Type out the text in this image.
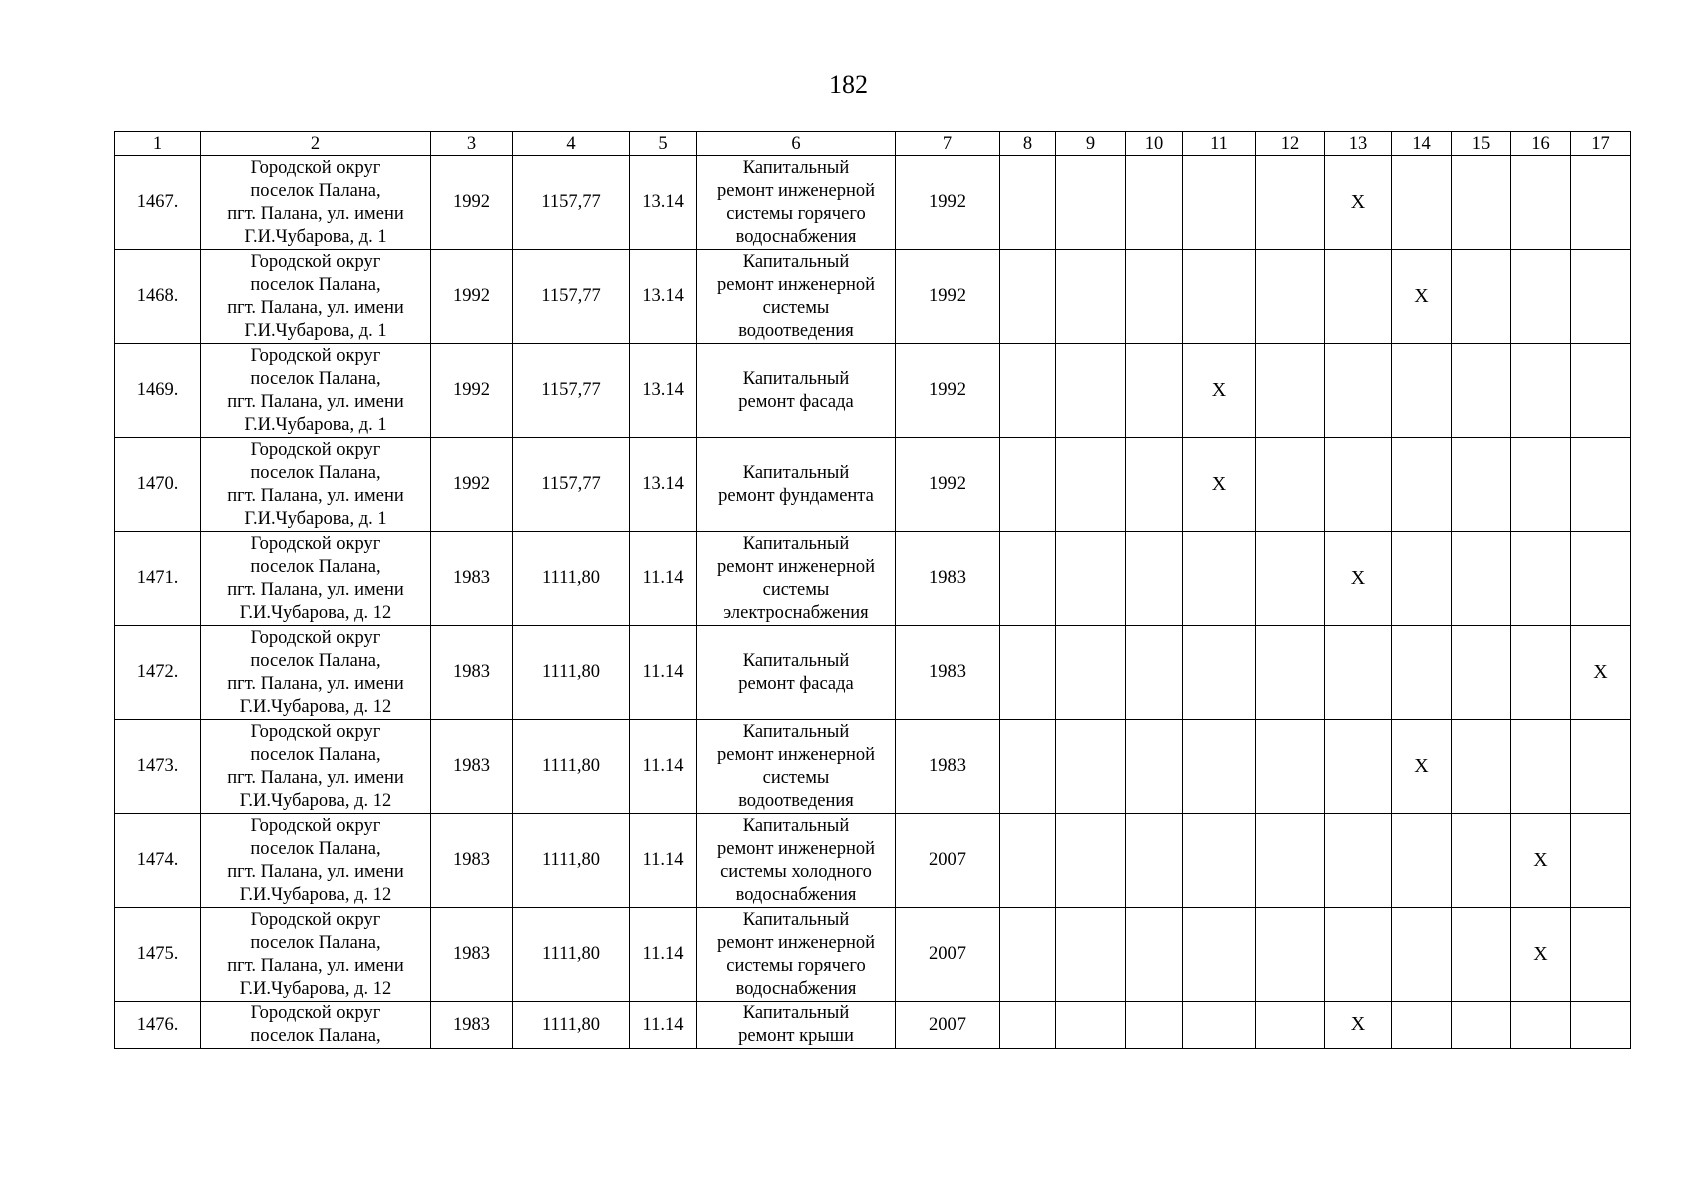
182
1	2	3	4	5	6	7	8	9	10	11	12	13	14	15	16	17

1467.	Городской округ
поселок Палана,
пгт. Палана, ул. имени
Г.И.Чубарова, д. 1	1992	1157,77	13.14	Капитальный
ремонт инженерной
системы горячего
водоснабжения	1992						X				

1468.	Городской округ
поселок Палана,
пгт. Палана, ул. имени
Г.И.Чубарова, д. 1	1992	1157,77	13.14	Капитальный
ремонт инженерной
системы
водоотведения	1992							X			

1469.	Городской округ
поселок Палана,
пгт. Палана, ул. имени
Г.И.Чубарова, д. 1	1992	1157,77	13.14	Капитальный
ремонт фасада	1992				X						

1470.	Городской округ
поселок Палана,
пгт. Палана, ул. имени
Г.И.Чубарова, д. 1	1992	1157,77	13.14	Капитальный
ремонт фундамента	1992				X						

1471.	Городской округ
поселок Палана,
пгт. Палана, ул. имени
Г.И.Чубарова, д. 12	1983	1111,80	11.14	Капитальный
ремонт инженерной
системы
электроснабжения	1983						X				

1472.	Городской округ
поселок Палана,
пгт. Палана, ул. имени
Г.И.Чубарова, д. 12	1983	1111,80	11.14	Капитальный
ремонт фасада	1983										X

1473.	Городской округ
поселок Палана,
пгт. Палана, ул. имени
Г.И.Чубарова, д. 12	1983	1111,80	11.14	Капитальный
ремонт инженерной
системы
водоотведения	1983							X			

1474.	Городской округ
поселок Палана,
пгт. Палана, ул. имени
Г.И.Чубарова, д. 12	1983	1111,80	11.14	Капитальный
ремонт инженерной
системы холодного
водоснабжения	2007									X	

1475.	Городской округ
поселок Палана,
пгт. Палана, ул. имени
Г.И.Чубарова, д. 12	1983	1111,80	11.14	Капитальный
ремонт инженерной
системы горячего
водоснабжения	2007									X	

1476.	Городской округ
поселок Палана,	1983	1111,80	11.14	Капитальный
ремонт крыши	2007						X				
